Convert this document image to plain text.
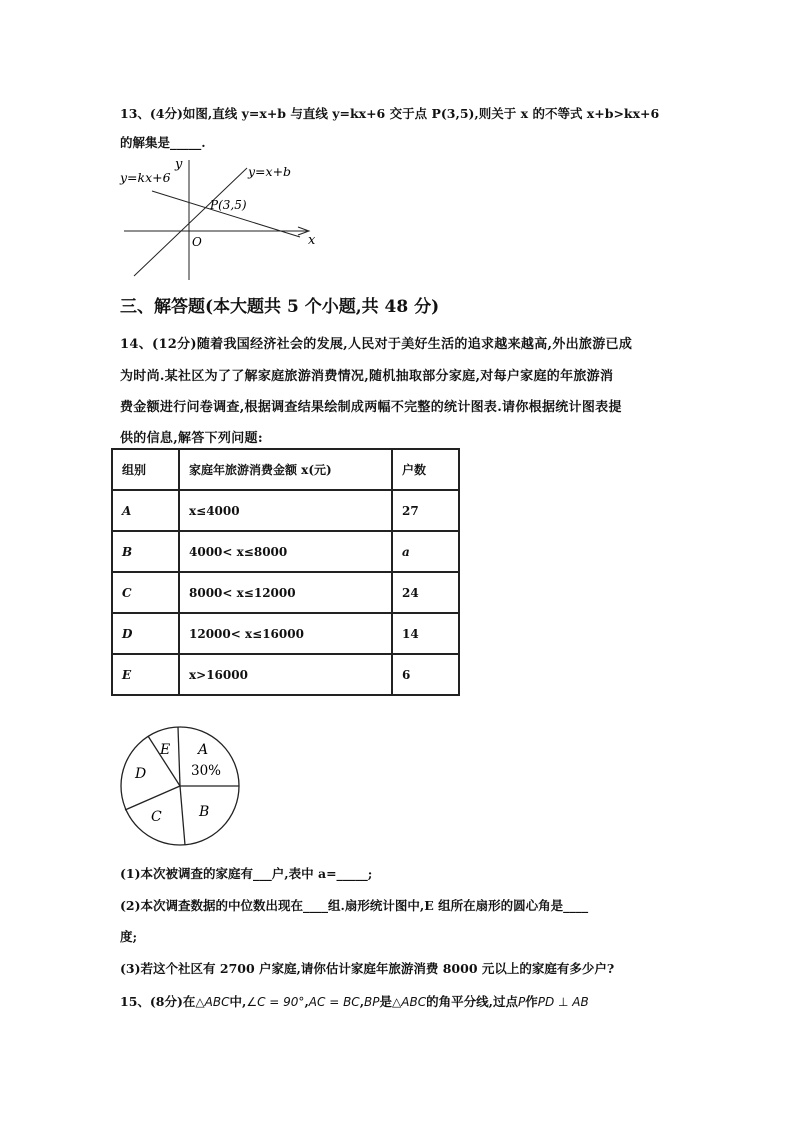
13、(4分)如图,直线 y=x+b 与直线 y=kx+6 交于点 P(3,5),则关于 x 的不等式 x+b>kx+6
的解集是_____.
y=kx+6	y=x+b
y
x
O
P(3,5)
三、解答题(本大题共 5 个小题,共 48 分)
14、(12分)随着我国经济社会的发展,人民对于美好生活的追求越来越高,外出旅游已成
为时尚.某社区为了了解家庭旅游消费情况,随机抽取部分家庭,对每户家庭的年旅游消
费金额进行问卷调查,根据调查结果绘制成两幅不完整的统计图表.请你根据统计图表提
供的信息,解答下列问题:
组别	家庭年旅游消费金额 x(元)	户数
A	x≤4000	27
B	4000< x≤8000	a
C	8000< x≤12000	24
D	12000< x≤16000	14
E	x>16000	6
A
30%
B
C
D
E
(1)本次被调查的家庭有___户,表中 a=_____;
(2)本次调查数据的中位数出现在____组.扇形统计图中,E 组所在扇形的圆心角是____
度;
(3)若这个社区有 2700 户家庭,请你估计家庭年旅游消费 8000 元以上的家庭有多少户?
15、(8分)在△ABC中,∠C = 90°,AC = BC,BP是△ABC的角平分线,过点P作PD ⊥ AB
